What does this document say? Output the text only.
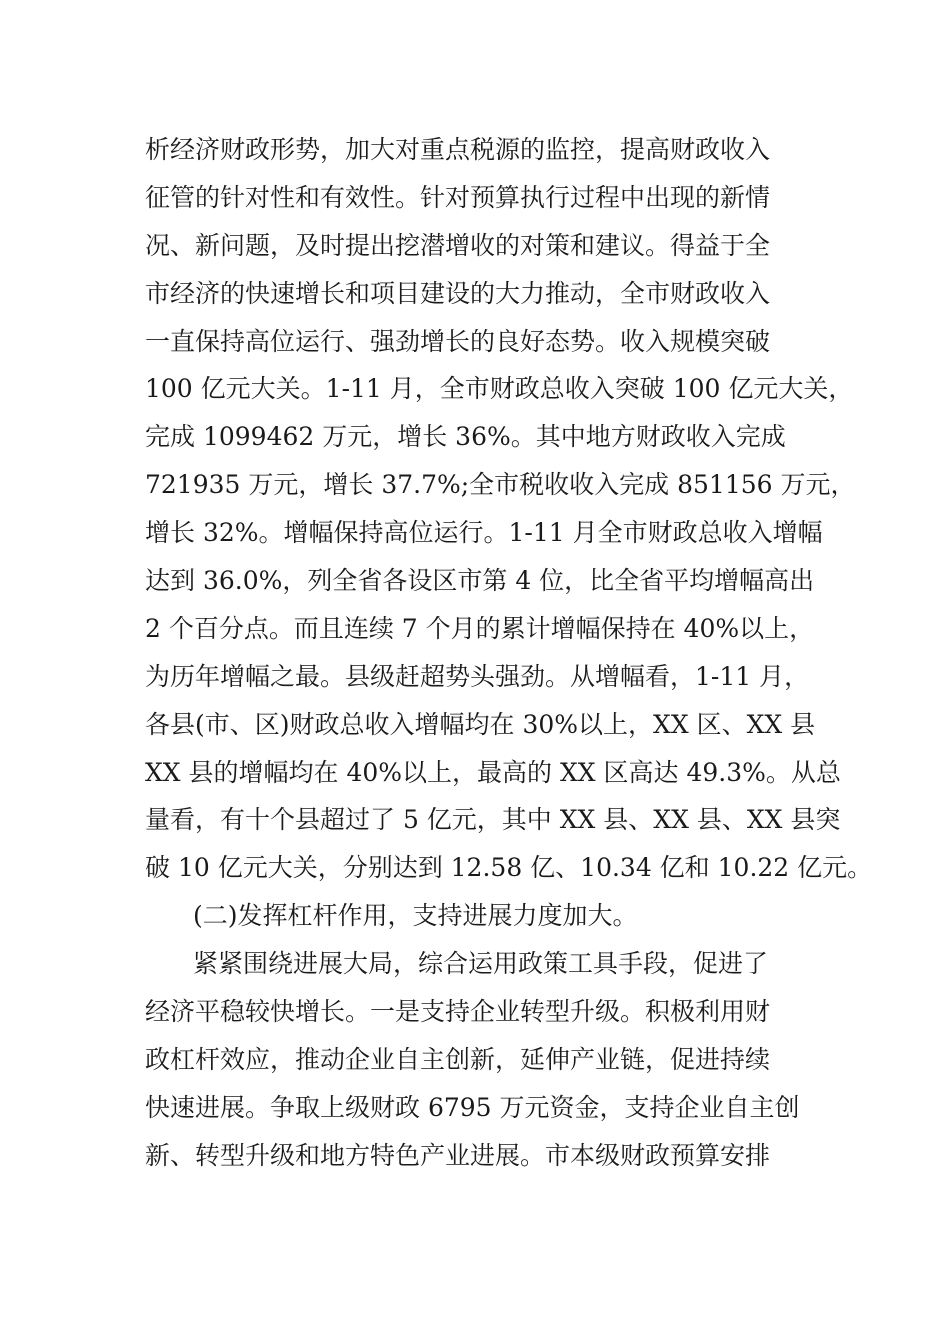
析经济财政形势，加大对重点税源的监控，提高财政收入
征管的针对性和有效性。针对预算执行过程中出现的新情
况、新问题，及时提出挖潜增收的对策和建议。得益于全
市经济的快速增长和项目建设的大力推动，全市财政收入
一直保持高位运行、强劲增长的良好态势。收入规模突破
100 亿元大关。1-11 月，全市财政总收入突破 100 亿元大关，
完成 1099462 万元，增长 36%。其中地方财政收入完成
721935 万元，增长 37.7%;全市税收收入完成 851156 万元，
增长 32%。增幅保持高位运行。1-11 月全市财政总收入增幅
达到 36.0%，列全省各设区市第 4 位，比全省平均增幅高出
2 个百分点。而且连续 7 个月的累计增幅保持在 40%以上，
为历年增幅之最。县级赶超势头强劲。从增幅看，1-11 月，
各县(市、区)财政总收入增幅均在 30%以上，XX 区、XX 县
XX 县的增幅均在 40%以上，最高的 XX 区高达 49.3%。从总
量看，有十个县超过了 5 亿元，其中 XX 县、XX 县、XX 县突
破 10 亿元大关，分别达到 12.58 亿、10.34 亿和 10.22 亿元。
(二)发挥杠杆作用，支持进展力度加大。
紧紧围绕进展大局，综合运用政策工具手段，促进了
经济平稳较快增长。一是支持企业转型升级。积极利用财
政杠杆效应，推动企业自主创新，延伸产业链，促进持续
快速进展。争取上级财政 6795 万元资金，支持企业自主创
新、转型升级和地方特色产业进展。市本级财政预算安排
